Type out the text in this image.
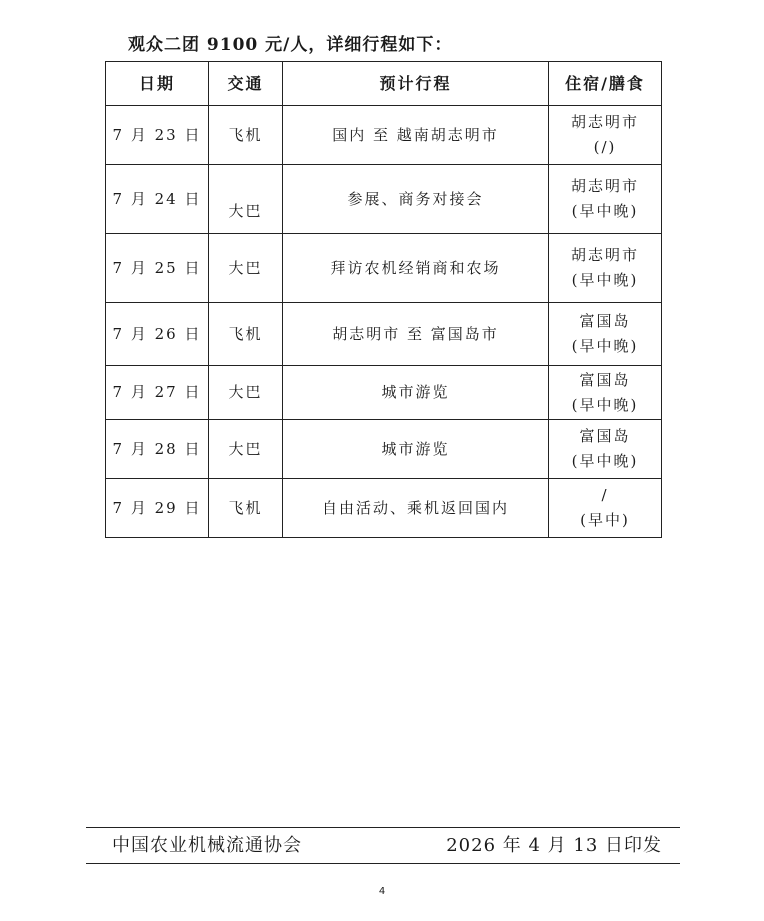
观众二团 9100 元/人，详细行程如下：
日期	交通	预计行程	住宿/膳食
7 月 23 日	飞机	国内 至 越南胡志明市	胡志明市
(/)

7 月 24 日	大巴	参展、商务对接会	胡志明市
(早中晚)

7 月 25 日	大巴	拜访农机经销商和农场	胡志明市
(早中晚)

7 月 26 日	飞机	胡志明市 至 富国岛市	富国岛
(早中晚)

7 月 27 日	大巴	城市游览	富国岛
(早中晚)

7 月 28 日	大巴	城市游览	富国岛
(早中晚)

7 月 29 日	飞机	自由活动、乘机返回国内	/
(早中)
中国农业机械流通协会	2026 年 4 月 13 日印发
4
